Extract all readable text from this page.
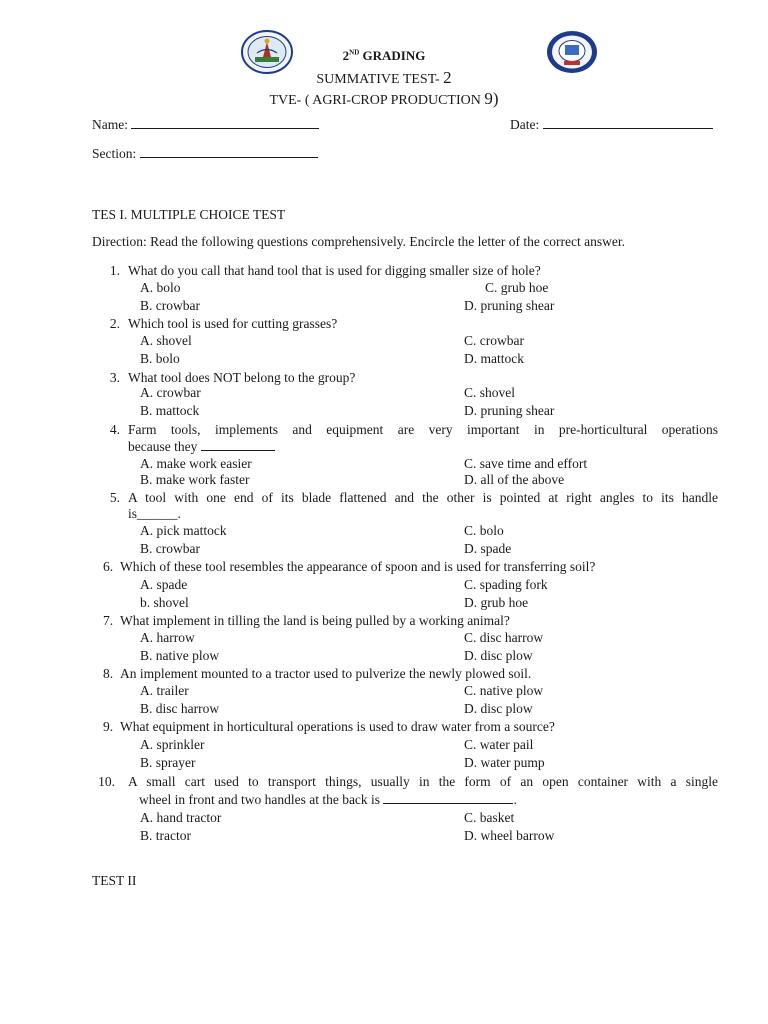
2ND GRADING
SUMMATIVE TEST- 2
TVE- ( AGRI-CROP PRODUCTION 9)
Name:	Date:
Section:
TES I. MULTIPLE CHOICE TEST
Direction: Read the following questions comprehensively. Encircle the letter of the correct answer.
1. What do you call that hand tool that is used for digging smaller size of hole?
A. bolo	C. grub hoe
B. crowbar	D. pruning shear
2. Which tool is used for cutting grasses?
A. shovel	C. crowbar
B. bolo	D. mattock
3. What tool does NOT belong to the group?
A. crowbar	C. shovel
B. mattock	D. pruning shear
4. Farm tools, implements and equipment are very important in pre-horticultural operations
because they
A. make work easier	C. save time and effort
B. make work faster	D. all of the above
5. A tool with one end of its blade flattened and the other is pointed at right angles to its handle
is______.
A. pick mattock	C. bolo
B. crowbar	D. spade
6. Which of these tool resembles the appearance of spoon and is used for transferring soil?
A. spade	C. spading fork
b. shovel	D. grub hoe
7. What implement in tilling the land is being pulled by a working animal?
A. harrow	C. disc harrow
B. native plow	D. disc plow
8. An implement mounted to a tractor used to pulverize the newly plowed soil.
A. trailer	C. native plow
B. disc harrow	D. disc plow
9. What equipment in horticultural operations is used to draw water from a source?
A. sprinkler	C. water pail
B. sprayer	D. water pump
10. A small cart used to transport things, usually in the form of an open container with a single
wheel in front and two handles at the back is	.
A. hand tractor	C. basket
B. tractor	D. wheel barrow
TEST II
